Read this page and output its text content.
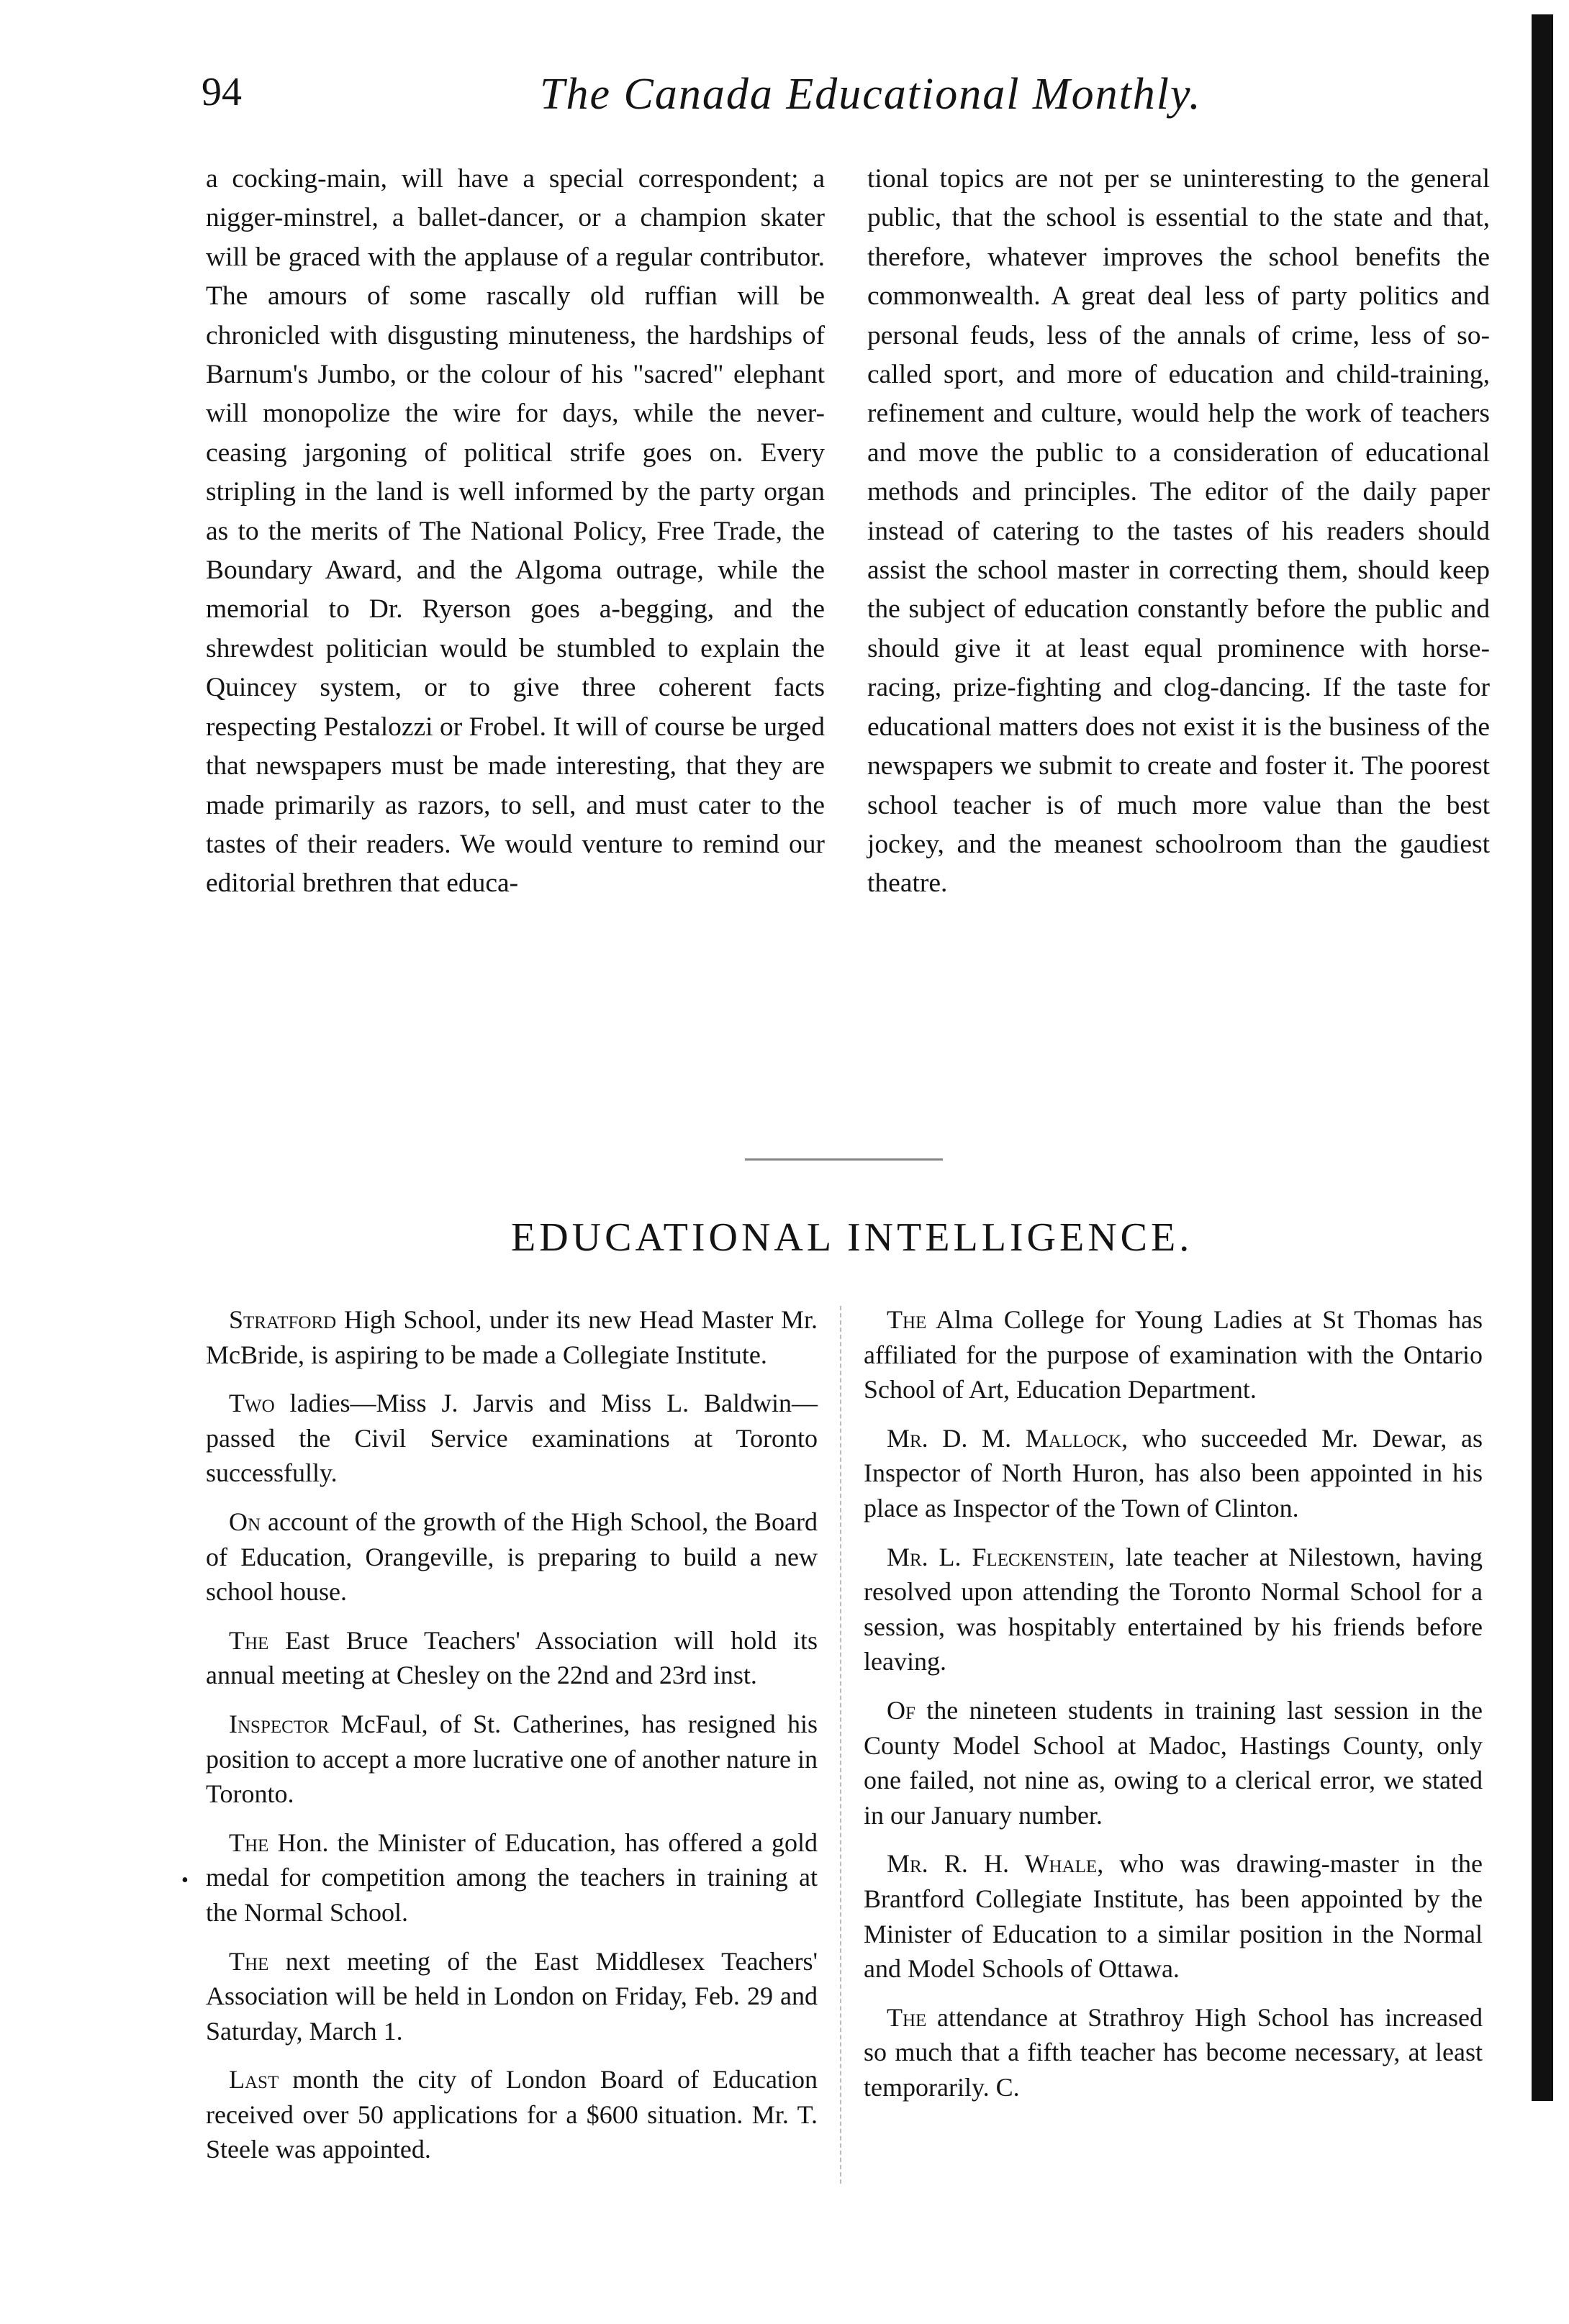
94	The Canada Educational Monthly.

a cocking-main, will have a special correspondent; a nigger-minstrel, a ballet-dancer, or a champion skater will be graced with the applause of a regular contributor. The amours of some rascally old ruffian will be chronicled with disgusting minuteness, the hardships of Barnum's Jumbo, or the colour of his "sacred" elephant will monopolize the wire for days, while the never-ceasing jargoning of political strife goes on. Every stripling in the land is well informed by the party organ as to the merits of The National Policy, Free Trade, the Boundary Award, and the Algoma outrage, while the memorial to Dr. Ryerson goes a-begging, and the shrewdest politician would be stumbled to explain the Quincey system, or to give three coherent facts respecting Pestalozzi or Frobel. It will of course be urged that newspapers must be made interesting, that they are made primarily as razors, to sell, and must cater to the tastes of their readers. We would venture to remind our editorial brethren that educa-

tional topics are not per se uninteresting to the general public, that the school is essential to the state and that, therefore, whatever improves the school benefits the commonwealth. A great deal less of party politics and personal feuds, less of the annals of crime, less of so-called sport, and more of education and child-training, refinement and culture, would help the work of teachers and move the public to a consideration of educational methods and principles. The editor of the daily paper instead of catering to the tastes of his readers should assist the school master in correcting them, should keep the subject of education constantly before the public and should give it at least equal prominence with horse-racing, prize-fighting and clog-dancing. If the taste for educational matters does not exist it is the business of the newspapers we submit to create and foster it. The poorest school teacher is of much more value than the best jockey, and the meanest schoolroom than the gaudiest theatre.

EDUCATIONAL INTELLIGENCE.

Stratford High School, under its new Head Master Mr. McBride, is aspiring to be made a Collegiate Institute.

Two ladies—Miss J. Jarvis and Miss L. Baldwin—passed the Civil Service examinations at Toronto successfully.

On account of the growth of the High School, the Board of Education, Orangeville, is preparing to build a new school house.

The East Bruce Teachers' Association will hold its annual meeting at Chesley on the 22nd and 23rd inst.

Inspector McFaul, of St. Catherines, has resigned his position to accept a more lucrative one of another nature in Toronto.

The Hon. the Minister of Education, has offered a gold medal for competition among the teachers in training at the Normal School.

The next meeting of the East Middlesex Teachers' Association will be held in London on Friday, Feb. 29 and Saturday, March 1.

Last month the city of London Board of Education received over 50 applications for a $600 situation. Mr. T. Steele was appointed.

The Alma College for Young Ladies at St Thomas has affiliated for the purpose of examination with the Ontario School of Art, Education Department.

Mr. D. M. Mallock, who succeeded Mr. Dewar, as Inspector of North Huron, has also been appointed in his place as Inspector of the Town of Clinton.

Mr. L. Fleckenstein, late teacher at Nilestown, having resolved upon attending the Toronto Normal School for a session, was hospitably entertained by his friends before leaving.

Of the nineteen students in training last session in the County Model School at Madoc, Hastings County, only one failed, not nine as, owing to a clerical error, we stated in our January number.

Mr. R. H. Whale, who was drawing-master in the Brantford Collegiate Institute, has been appointed by the Minister of Education to a similar position in the Normal and Model Schools of Ottawa.

The attendance at Strathroy High School has increased so much that a fifth teacher has become necessary, at least temporarily. C.

•
